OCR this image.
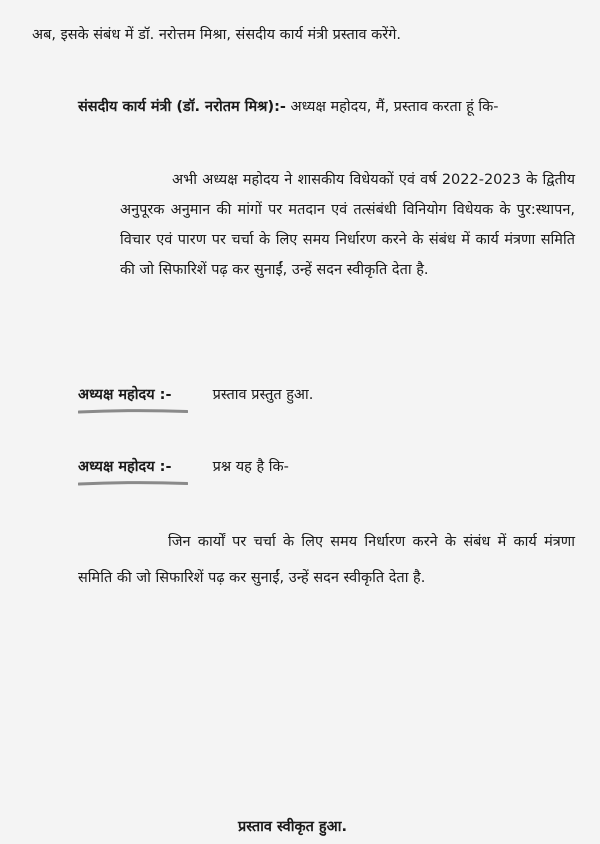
अब, इसके संबंध में डॉ. नरोत्तम मिश्रा, संसदीय कार्य मंत्री प्रस्ताव करेंगे.
संसदीय कार्य मंत्री (डॉ. नरोतम मिश्र):- अध्यक्ष महोदय, मैं, प्रस्ताव करता हूं कि-
अभी अध्यक्ष महोदय ने शासकीय विधेयकों एवं वर्ष 2022-2023 के द्वितीय अनुपूरक अनुमान की मांगों पर मतदान एवं तत्संबंधी विनियोग विधेयक के पुर:स्थापन, विचार एवं पारण पर चर्चा के लिए समय निर्धारण करने के संबंध में कार्य मंत्रणा समिति की जो सिफारिशें पढ़ कर सुनाईं, उन्हें सदन स्वीकृति देता है.
अध्यक्ष महोदय :-	प्रस्ताव प्रस्तुत हुआ.
अध्यक्ष महोदय :-	प्रश्न यह है कि-
जिन कार्यों पर चर्चा के लिए समय निर्धारण करने के संबंध में कार्य मंत्रणा समिति की जो सिफारिशें पढ़ कर सुनाईं, उन्हें सदन स्वीकृति देता है.
प्रस्ताव स्वीकृत हुआ.
